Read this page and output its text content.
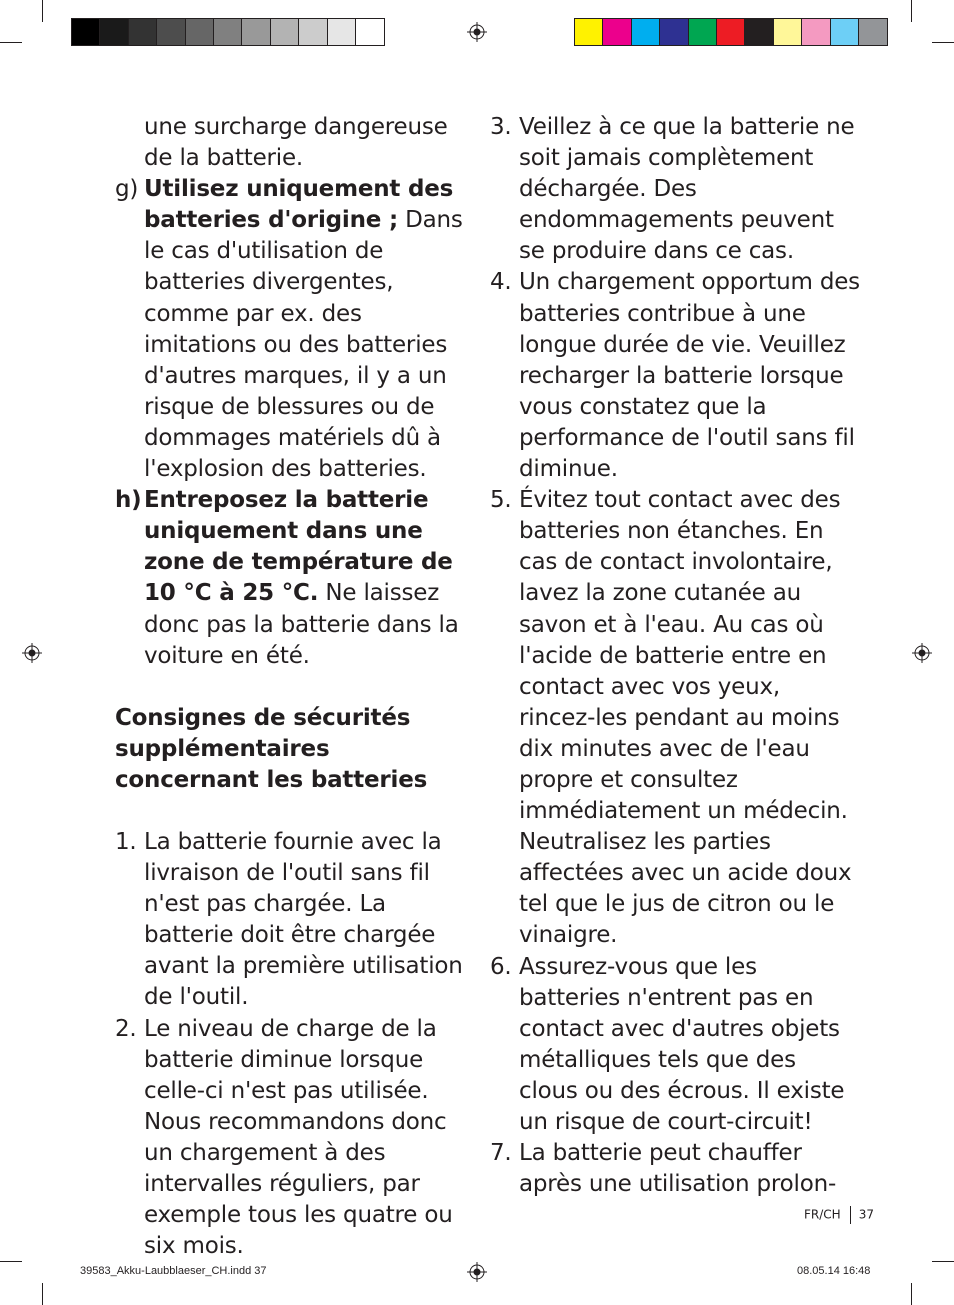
une surcharge dangereuse de la batterie.
g) Utilisez uniquement des batteries d'origine ; Dans le cas d'utilisation de batteries divergentes, comme par ex. des imitations ou des batteries d'autres marques, il y a un risque de blessures ou de dommages matériels dû à l'explosion des batteries.
h) Entreposez la batterie uniquement dans une zone de température de 10 °C à 25 °C. Ne laissez donc pas la batterie dans la voiture en été.
Consignes de sécurités supplémentaires concernant les batteries
1. La batterie fournie avec la livraison de l'outil sans fil n'est pas chargée. La batterie doit être chargée avant la première utilisation de l'outil.
2. Le niveau de charge de la batterie diminue lorsque celle-ci n'est pas utilisée. Nous recommandons donc un chargement à des intervalles réguliers, par exemple tous les quatre ou six mois.
3. Veillez à ce que la batterie ne soit jamais complètement déchargée. Des endommagements peuvent se produire dans ce cas.
4. Un chargement opportum des batteries contribue à une longue durée de vie. Veuillez recharger la batterie lorsque vous constatez que la performance de l'outil sans fil diminue.
5. Évitez tout contact avec des batteries non étanches. En cas de contact involontaire, lavez la zone cutanée au savon et à l'eau. Au cas où l'acide de batterie entre en contact avec vos yeux, rincez-les pendant au moins dix minutes avec de l'eau propre et consultez immédiatement un médecin. Neutralisez les parties affectées avec un acide doux tel que le jus de citron ou le vinaigre.
6. Assurez-vous que les batteries n'entrent pas en contact avec d'autres objets métalliques tels que des clous ou des écrous. Il existe un risque de court-circuit!
7. La batterie peut chauffer après une utilisation prolon-
FR/CH 37
39583_Akku-Laubblaeser_CH.indd 37	08.05.14 16:48
